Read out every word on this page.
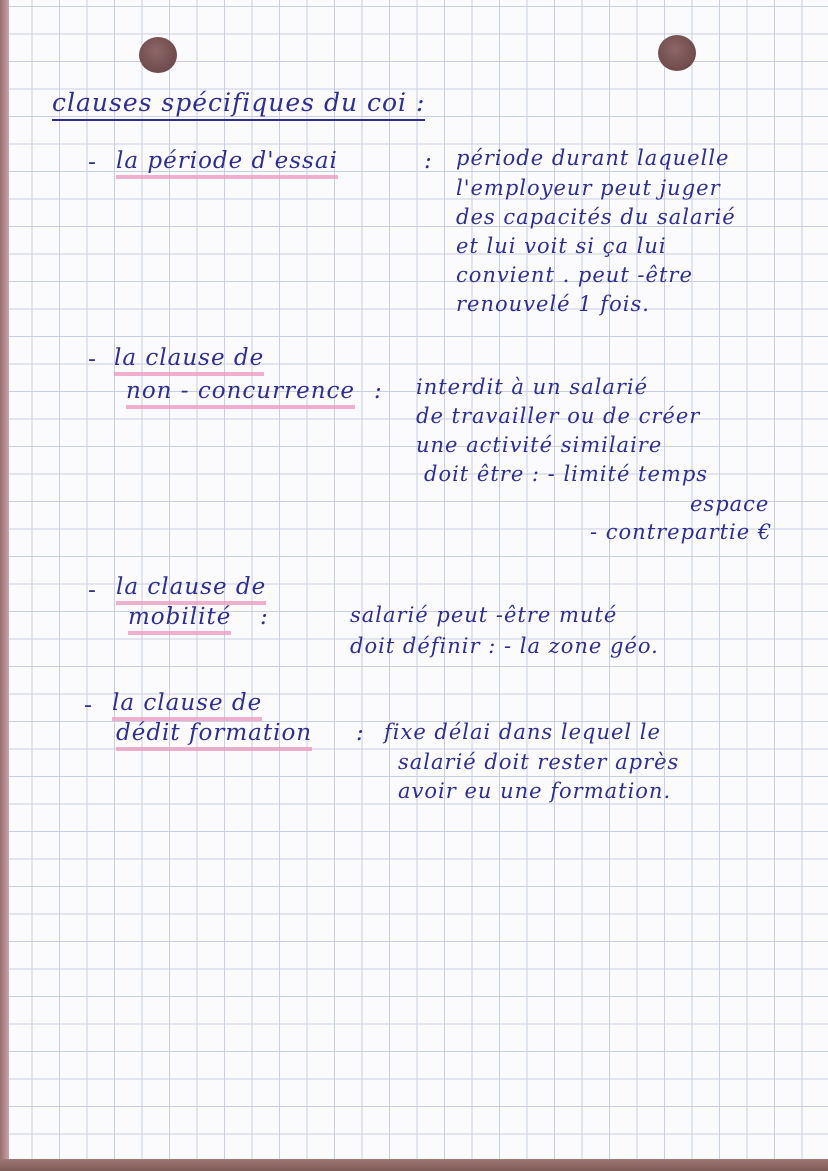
clauses spécifiques du coi :
- la période d'essai	: période durant laquelle
l'employeur peut juger
des capacités du salarié
et lui voit si ça lui
convient . peut -être
renouvelé 1 fois.
- la clause de
non - concurrence : interdit à un salarié
de travailler ou de créer
une activité similaire
doit être : - limité temps
espace
- contrepartie €
- la clause de
mobilité :	salarié peut -être muté
doit définir : - la zone géo.
- la clause de
dédit formation : fixe délai dans lequel le
salarié doit rester après
avoir eu une formation.
